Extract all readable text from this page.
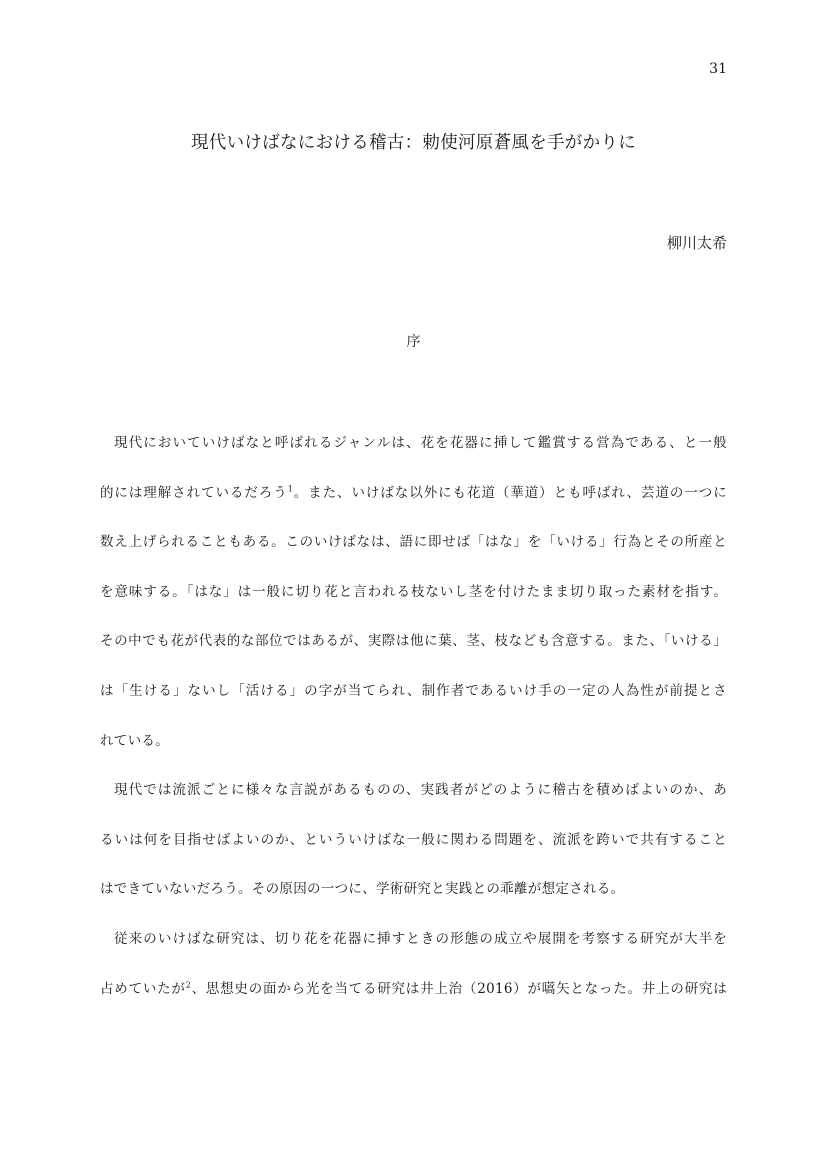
31
現代いけばなにおける稽古：勅使河原蒼風を手がかりに
柳川太希
序
現代においていけばなと呼ばれるジャンルは、花を花器に挿して鑑賞する営為である、と一般
的には理解されているだろう$^1$。また、いけばな以外にも花道（華道）とも呼ばれ、芸道の一つに
数え上げられることもある。このいけばなは、語に即せば「はな」を「いける」行為とその所産と
を意味する。「はな」は一般に切り花と言われる枝ないし茎を付けたまま切り取った素材を指す。
その中でも花が代表的な部位ではあるが、実際は他に葉、茎、枝なども含意する。また、「いける」
は「生ける」ないし「活ける」の字が当てられ、制作者であるいけ手の一定の人為性が前提とさ
れている。
現代では流派ごとに様々な言説があるものの、実践者がどのように稽古を積めばよいのか、あ
るいは何を目指せばよいのか、といういけばな一般に関わる問題を、流派を跨いで共有すること
はできていないだろう。その原因の一つに、学術研究と実践との乖離が想定される。
従来のいけばな研究は、切り花を花器に挿すときの形態の成立や展開を考察する研究が大半を
占めていたが$^2$、思想史の面から光を当てる研究は井上治（2016）が嚆矢となった。井上の研究は
